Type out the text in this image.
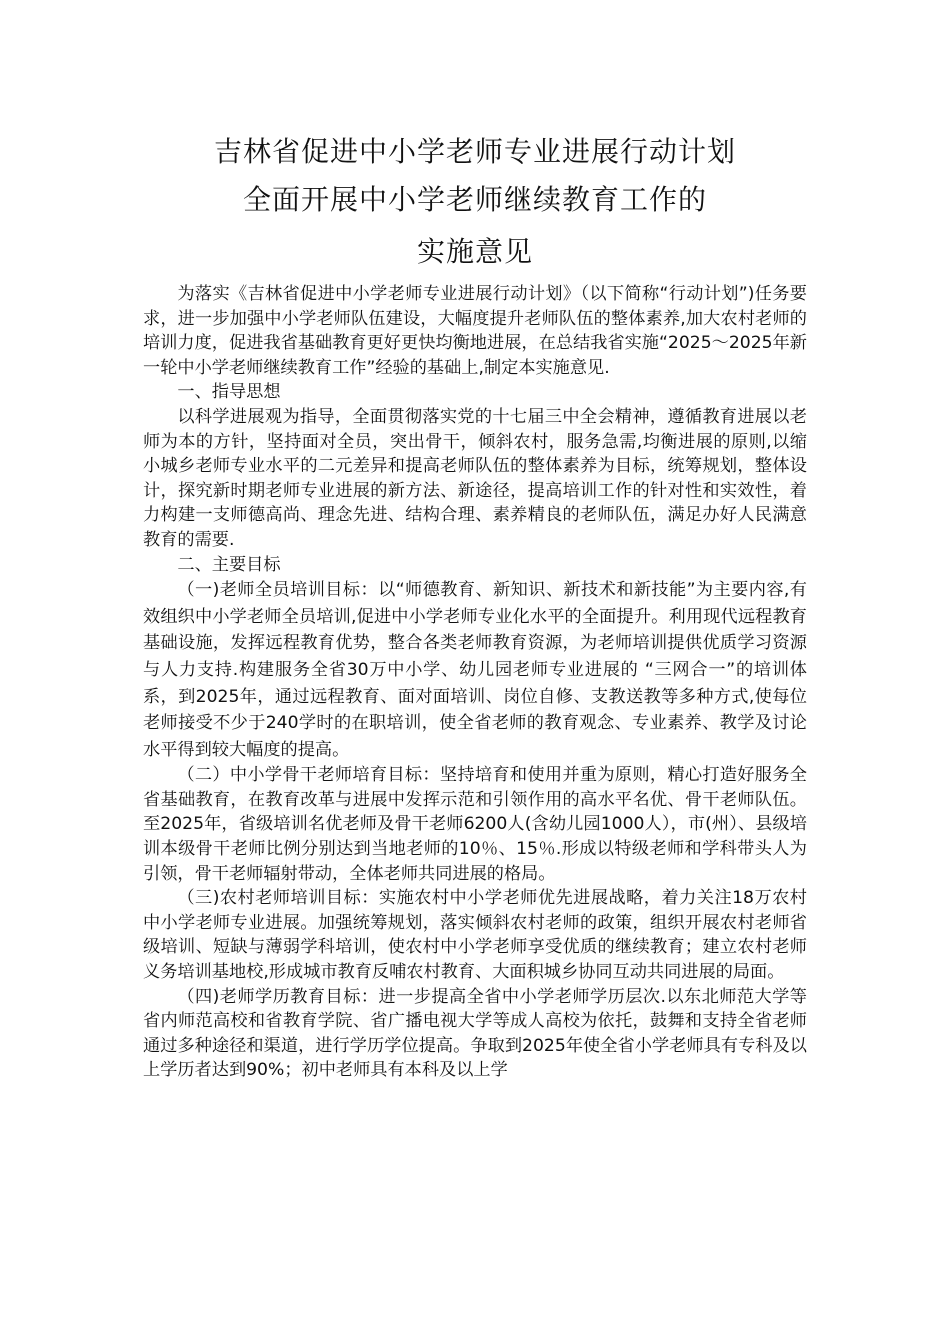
吉林省促进中小学老师专业进展行动计划
全面开展中小学老师继续教育工作的
实施意见

为落实《吉林省促进中小学老师专业进展行动计划》（以下简称“行动计划”)任务要求，进一步加强中小学老师队伍建设，大幅度提升老师队伍的整体素养,加大农村老师的培训力度，促进我省基础教育更好更快均衡地进展，在总结我省实施“2025～2025年新一轮中小学老师继续教育工作”经验的基础上,制定本实施意见.

一、指导思想

以科学进展观为指导，全面贯彻落实党的十七届三中全会精神，遵循教育进展以老师为本的方针，坚持面对全员，突出骨干，倾斜农村，服务急需,均衡进展的原则,以缩小城乡老师专业水平的二元差异和提高老师队伍的整体素养为目标，统筹规划，整体设计，探究新时期老师专业进展的新方法、新途径，提高培训工作的针对性和实效性，着力构建一支师德高尚、理念先进、结构合理、素养精良的老师队伍，满足办好人民满意教育的需要.

二、主要目标

（一)老师全员培训目标：以“师德教育、新知识、新技术和新技能”为主要内容,有效组织中小学老师全员培训,促进中小学老师专业化水平的全面提升。利用现代远程教育基础设施，发挥远程教育优势，整合各类老师教育资源，为老师培训提供优质学习资源与人力支持.构建服务全省30万中小学、幼儿园老师专业进展的 “三网合一”的培训体系，到2025年，通过远程教育、面对面培训、岗位自修、支教送教等多种方式,使每位老师接受不少于240学时的在职培训，使全省老师的教育观念、专业素养、教学及讨论水平得到较大幅度的提高。

（二）中小学骨干老师培育目标：坚持培育和使用并重为原则，精心打造好服务全省基础教育，在教育改革与进展中发挥示范和引领作用的高水平名优、骨干老师队伍。至2025年，省级培训名优老师及骨干老师6200人(含幼儿园1000人），市(州）、县级培训本级骨干老师比例分别达到当地老师的10％、15％.形成以特级老师和学科带头人为引领，骨干老师辐射带动，全体老师共同进展的格局。

（三)农村老师培训目标：实施农村中小学老师优先进展战略，着力关注18万农村中小学老师专业进展。加强统筹规划，落实倾斜农村老师的政策，组织开展农村老师省级培训、短缺与薄弱学科培训，使农村中小学老师享受优质的继续教育；建立农村老师义务培训基地校,形成城市教育反哺农村教育、大面积城乡协同互动共同进展的局面。

（四)老师学历教育目标：进一步提高全省中小学老师学历层次.以东北师范大学等省内师范高校和省教育学院、省广播电视大学等成人高校为依托，鼓舞和支持全省老师通过多种途径和渠道，进行学历学位提高。争取到2025年使全省小学老师具有专科及以上学历者达到90%；初中老师具有本科及以上学
